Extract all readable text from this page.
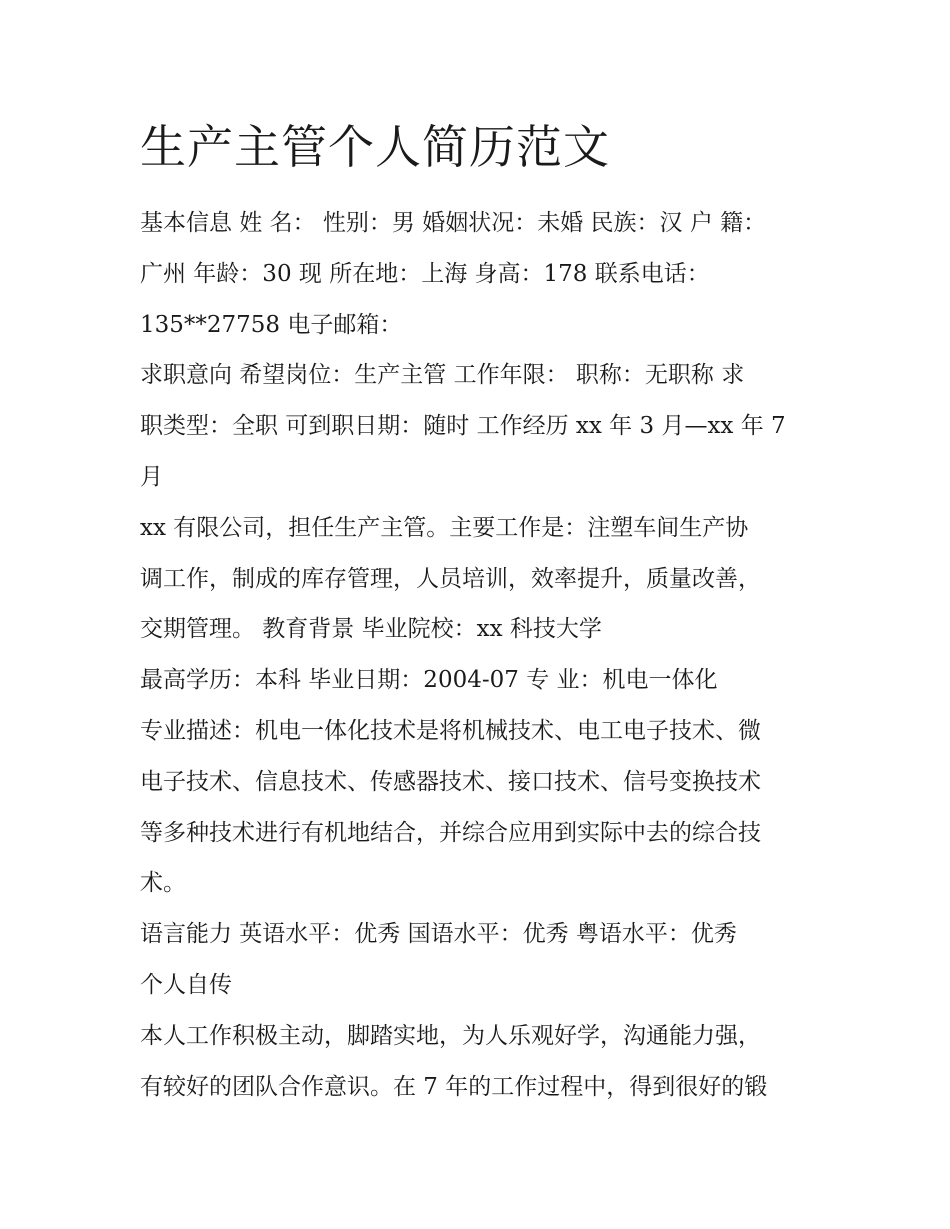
生产主管个人简历范文
基本信息 姓 名： 性别：男 婚姻状况：未婚 民族：汉 户 籍：
广州 年龄：30 现 所在地：上海 身高：178 联系电话：
135**27758 电子邮箱：
求职意向 希望岗位：生产主管 工作年限： 职称：无职称 求
职类型：全职 可到职日期：随时 工作经历 xx 年 3 月—xx 年 7
月
xx 有限公司，担任生产主管。主要工作是：注塑车间生产协
调工作，制成的库存管理，人员培训，效率提升，质量改善，
交期管理。 教育背景 毕业院校：xx 科技大学
最高学历：本科 毕业日期：2004-07 专 业：机电一体化
专业描述：机电一体化技术是将机械技术、电工电子技术、微
电子技术、信息技术、传感器技术、接口技术、信号变换技术
等多种技术进行有机地结合，并综合应用到实际中去的综合技
术。
语言能力 英语水平：优秀 国语水平：优秀 粤语水平：优秀
个人自传
本人工作积极主动，脚踏实地，为人乐观好学，沟通能力强，
有较好的团队合作意识。在 7 年的工作过程中，得到很好的锻
